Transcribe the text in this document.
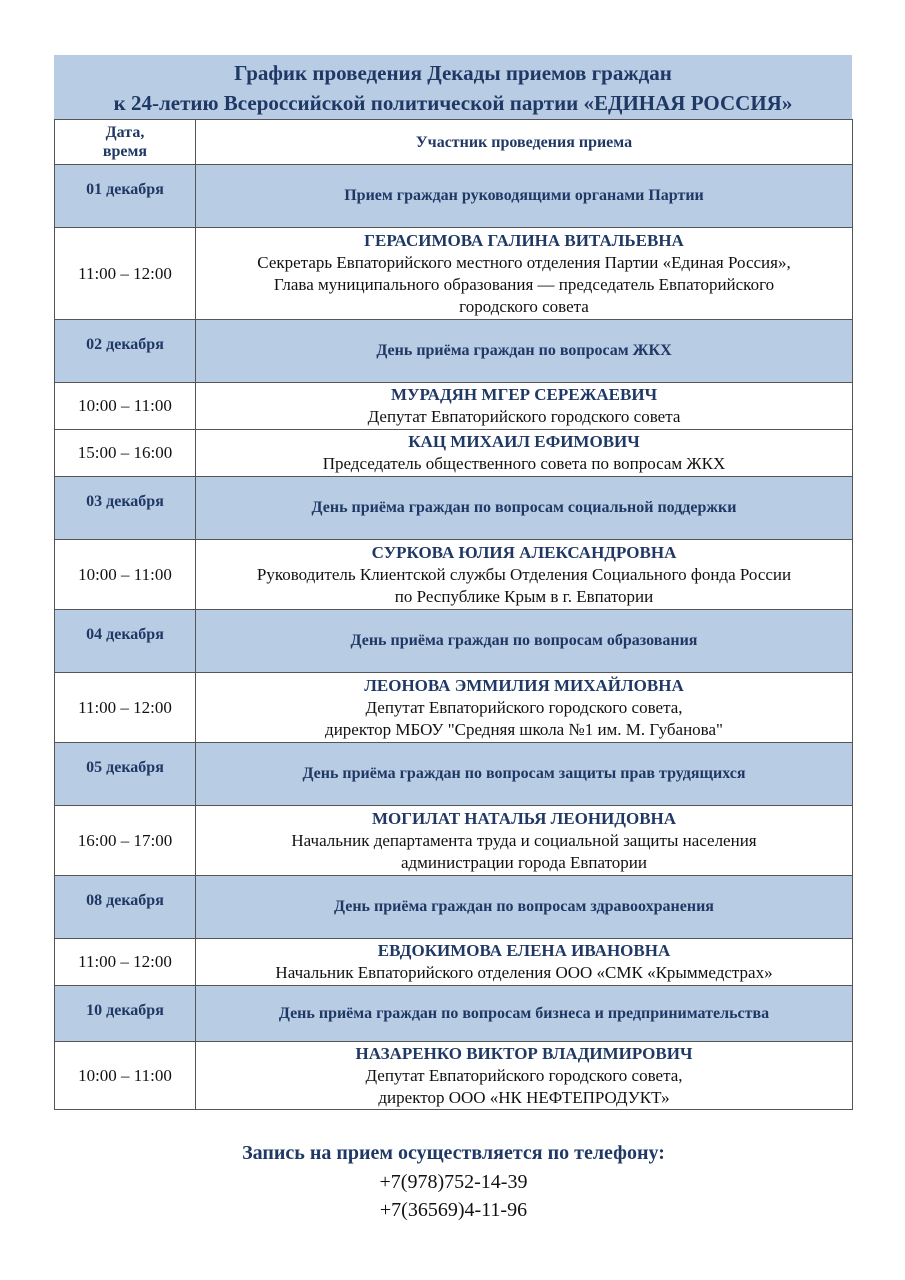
График проведения Декады приемов граждан
к 24-летию Всероссийской политической партии «ЕДИНАЯ РОССИЯ»
Дата,
время	Участник проведения приема
01 декабря	Прием граждан руководящими органами Партии
11:00 – 12:00	ГЕРАСИМОВА ГАЛИНА ВИТАЛЬЕВНА
Секретарь Евпаторийского местного отделения Партии «Единая Россия»,
Глава муниципального образования — председатель Евпаторийского
городского совета

02 декабря	День приёма граждан по вопросам ЖКХ
10:00 – 11:00	МУРАДЯН МГЕР СЕРЕЖАЕВИЧ
Депутат Евпаторийского городского совета

15:00 – 16:00	КАЦ МИХАИЛ ЕФИМОВИЧ
Председатель общественного совета по вопросам ЖКХ

03 декабря	День приёма граждан по вопросам социальной поддержки
10:00 – 11:00	СУРКОВА ЮЛИЯ АЛЕКСАНДРОВНА
Руководитель Клиентской службы Отделения Социального фонда России
по Республике Крым в г. Евпатории

04 декабря	День приёма граждан по вопросам образования
11:00 – 12:00	ЛЕОНОВА ЭММИЛИЯ МИХАЙЛОВНА
Депутат Евпаторийского городского совета,
директор МБОУ "Средняя школа №1 им. М. Губанова"

05 декабря	День приёма граждан по вопросам защиты прав трудящихся
16:00 – 17:00	МОГИЛАТ НАТАЛЬЯ ЛЕОНИДОВНА
Начальник департамента труда и социальной защиты населения
администрации города Евпатории

08 декабря	День приёма граждан по вопросам здравоохранения
11:00 – 12:00	ЕВДОКИМОВА ЕЛЕНА ИВАНОВНА
Начальник Евпаторийского отделения ООО «СМК «Крыммедстрах»

10 декабря	День приёма граждан по вопросам бизнеса и предпринимательства
10:00 – 11:00	НАЗАРЕНКО ВИКТОР ВЛАДИМИРОВИЧ
Депутат Евпаторийского городского совета,
директор ООО «НК НЕФТЕПРОДУКТ»
Запись на прием осуществляется по телефону:
+7(978)752-14-39
+7(36569)4-11-96
